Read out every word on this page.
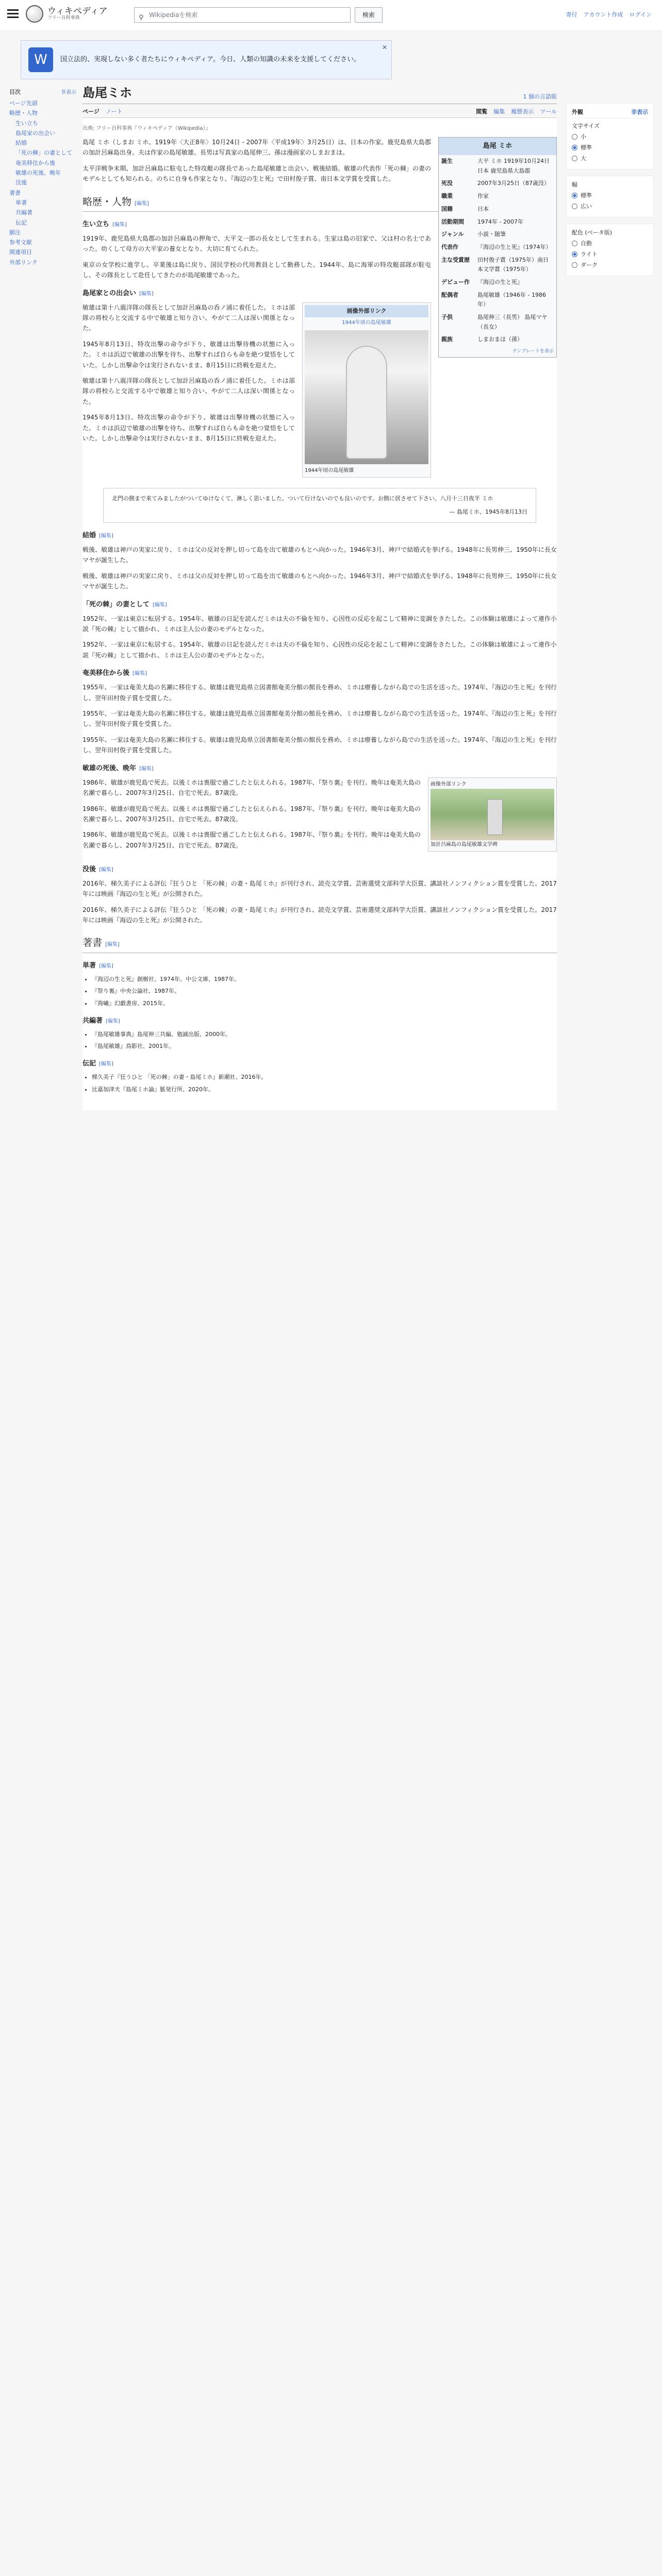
ウィキペディア
フリー百科事典	⚲ Wikipediaを検索	検索	寄付 アカウント作成 ログイン
W	国立法的、実現しない多く者たちにウィキペディア。今日、人類の知識の未来を支援してください。
✕
目次	非表示
ページ先頭
略歴・人物
生い立ち
島尾家の出会い
結婚
「死の棘」の妻として
奄美移住から後
敏雄の死後、晩年
没後
著書
単著
共編著
伝記
脚注
参考文献
関連項目
外部リンク
島尾ミホ	1 個の言語版
ページ ノート	閲覧 編集 履歴表示 ツール
出典: フリー百科事典『ウィキペディア（Wikipedia）』
島尾 ミホ
誕生	大平 ミホ 1919年10月24日 日本 鹿児島県大島郡
死没	2007年3月25日（87歳没）
職業	作家
国籍	日本
活動期間	1974年 - 2007年
ジャンル	小説・随筆
代表作	『海辺の生と死』（1974年）
主な受賞歴	田村俊子賞（1975年）南日本文学賞（1975年）
デビュー作	『海辺の生と死』
配偶者	島尾敏雄（1946年 - 1986年）
子供	島尾伸三（長男） 島尾マヤ（長女）
親族	しまおまほ（孫）
テンプレートを表示

島尾 ミホ（しまお ミホ、1919年〈大正8年〉10月24日 - 2007年〈平成19年〉3月25日）は、日本の作家。鹿児島県大島郡の加計呂麻島出身。夫は作家の島尾敏雄、長男は写真家の島尾伸三、孫は漫画家のしまおまほ。

太平洋戦争末期、加計呂麻島に駐屯した特攻艇の隊長であった島尾敏雄と出会い、戦後結婚。敏雄の代表作「死の棘」の妻のモデルとしても知られる。のちに自身も作家となり、『海辺の生と死』で田村俊子賞、南日本文学賞を受賞した。

略歴・人物 [編集]
生い立ち [編集]

1919年、鹿児島県大島郡の加計呂麻島の押角で、大平文一郎の長女として生まれる。生家は島の旧家で、父は村の名士であった。幼くして母方の大平家の養女となり、大切に育てられた。

東京の女学校に進学し、卒業後は島に戻り、国民学校の代用教員として勤務した。1944年、島に海軍の特攻艇部隊が駐屯し、その隊長として赴任してきたのが島尾敏雄であった。

島尾家との出会い [編集]
画像外部リンク
1944年頃の島尾敏雄
1944年頃の島尾敏雄

敏雄は第十八震洋隊の隊長として加計呂麻島の呑ノ浦に着任した。ミホは部隊の将校らと交流する中で敏雄と知り合い、やがて二人は深い関係となった。

1945年8月13日、特攻出撃の命令が下り、敏雄は出撃待機の状態に入った。ミホは浜辺で敏雄の出撃を待ち、出撃すれば自らも命を絶つ覚悟をしていた。しかし出撃命令は実行されないまま、8月15日に終戦を迎えた。

敏雄は第十八震洋隊の隊長として加計呂麻島の呑ノ浦に着任した。ミホは部隊の将校らと交流する中で敏雄と知り合い、やがて二人は深い関係となった。

1945年8月13日、特攻出撃の命令が下り、敏雄は出撃待機の状態に入った。ミホは浜辺で敏雄の出撃を待ち、出撃すれば自らも命を絶つ覚悟をしていた。しかし出撃命令は実行されないまま、8月15日に終戦を迎えた。

北門の側まで来てみましたがついてゆけなくて、淋しく思いました。ついて行けないのでも良いのです。お側に居させて下さい。八月十三日夜半 ミホ
— 島尾ミホ、1945年8月13日
結婚 [編集]

戦後、敏雄は神戸の実家に戻り、ミホは父の反対を押し切って島を出て敏雄のもとへ向かった。1946年3月、神戸で結婚式を挙げる。1948年に長男伸三、1950年に長女マヤが誕生した。

戦後、敏雄は神戸の実家に戻り、ミホは父の反対を押し切って島を出て敏雄のもとへ向かった。1946年3月、神戸で結婚式を挙げる。1948年に長男伸三、1950年に長女マヤが誕生した。

「死の棘」の妻として [編集]

1952年、一家は東京に転居する。1954年、敏雄の日記を読んだミホは夫の不倫を知り、心因性の反応を起こして精神に変調をきたした。この体験は敏雄によって連作小説『死の棘』として描かれ、ミホは主人公の妻のモデルとなった。

1952年、一家は東京に転居する。1954年、敏雄の日記を読んだミホは夫の不倫を知り、心因性の反応を起こして精神に変調をきたした。この体験は敏雄によって連作小説『死の棘』として描かれ、ミホは主人公の妻のモデルとなった。

奄美移住から後 [編集]

1955年、一家は奄美大島の名瀬に移住する。敏雄は鹿児島県立図書館奄美分館の館長を務め、ミホは療養しながら島での生活を送った。1974年、『海辺の生と死』を刊行し、翌年田村俊子賞を受賞した。

1955年、一家は奄美大島の名瀬に移住する。敏雄は鹿児島県立図書館奄美分館の館長を務め、ミホは療養しながら島での生活を送った。1974年、『海辺の生と死』を刊行し、翌年田村俊子賞を受賞した。

1955年、一家は奄美大島の名瀬に移住する。敏雄は鹿児島県立図書館奄美分館の館長を務め、ミホは療養しながら島での生活を送った。1974年、『海辺の生と死』を刊行し、翌年田村俊子賞を受賞した。

敏雄の死後、晩年 [編集]
画像外部リンク
加計呂麻島の島尾敏雄文学碑

1986年、敏雄が鹿児島で死去。以後ミホは喪服で過ごしたと伝えられる。1987年、『祭り裏』を刊行。晩年は奄美大島の名瀬で暮らし、2007年3月25日、自宅で死去。87歳没。

1986年、敏雄が鹿児島で死去。以後ミホは喪服で過ごしたと伝えられる。1987年、『祭り裏』を刊行。晩年は奄美大島の名瀬で暮らし、2007年3月25日、自宅で死去。87歳没。

1986年、敏雄が鹿児島で死去。以後ミホは喪服で過ごしたと伝えられる。1987年、『祭り裏』を刊行。晩年は奄美大島の名瀬で暮らし、2007年3月25日、自宅で死去。87歳没。

没後 [編集]

2016年、梯久美子による評伝『狂うひと 「死の棘」の妻・島尾ミホ』が刊行され、読売文学賞、芸術選奨文部科学大臣賞、講談社ノンフィクション賞を受賞した。2017年には映画『海辺の生と死』が公開された。

2016年、梯久美子による評伝『狂うひと 「死の棘」の妻・島尾ミホ』が刊行され、読売文学賞、芸術選奨文部科学大臣賞、講談社ノンフィクション賞を受賞した。2017年には映画『海辺の生と死』が公開された。

著書 [編集]
単著 [編集]
• 『海辺の生と死』創樹社、1974年。中公文庫、1987年。
• 『祭り裏』中央公論社、1987年。
• 『海嘯』幻戯書房、2015年。
共編著 [編集]
• 『島尾敏雄事典』島尾伸三共編、勉誠出版、2000年。
• 『島尾敏雄』鳥影社、2001年。
伝記 [編集]
• 梯久美子『狂うひと 「死の棘」の妻・島尾ミホ』新潮社、2016年。
• 比嘉加津夫『島尾ミホ論』脈発行所、2020年。
外観	非表示
文字サイズ
小
標準
大
幅
標準
広い
配色 (ベータ版)
自動
ライト
ダーク
